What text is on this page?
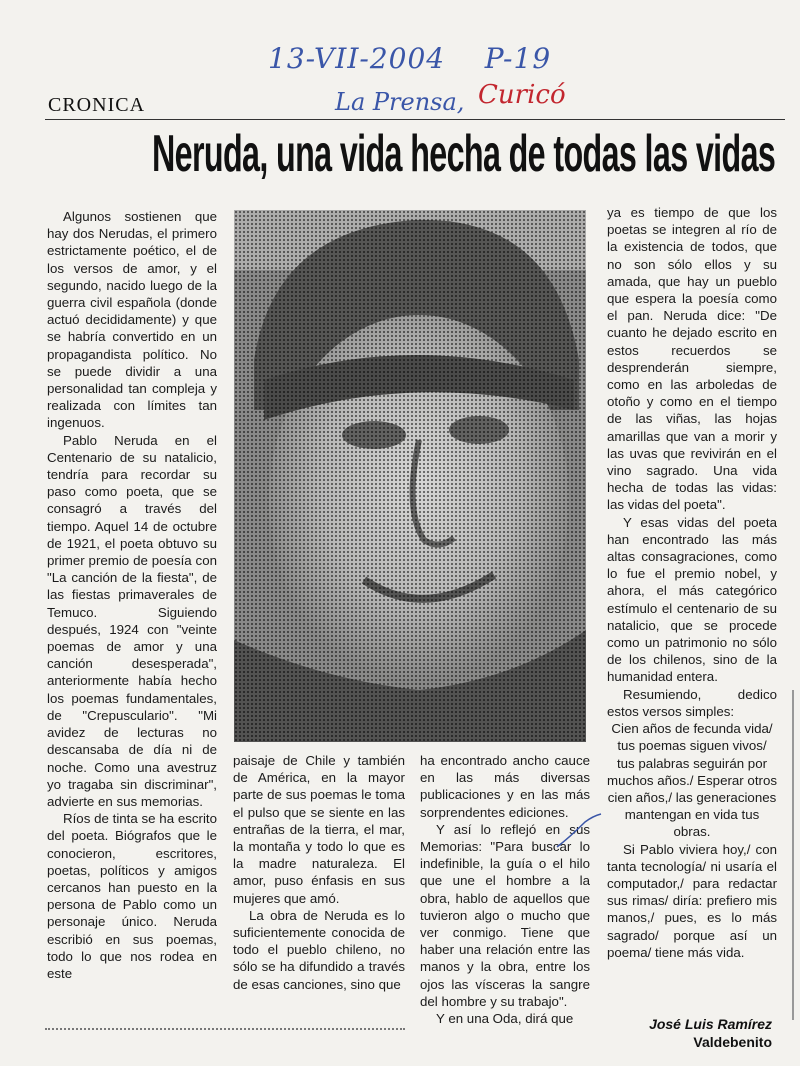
13-VII-2004 P-19
La Prensa, Curicó
CRONICA
Neruda, una vida hecha de todas las vidas

Algunos sostienen que hay dos Nerudas, el primero estrictamente poético, el de los versos de amor, y el segundo, nacido luego de la guerra civil española (donde actuó decididamente) y que se habría convertido en un propagandista político. No se puede dividir a una personalidad tan compleja y realizada con límites tan ingenuos.

Pablo Neruda en el Centenario de su natalicio, tendría para recordar su paso como poeta, que se consagró a través del tiempo. Aquel 14 de octubre de 1921, el poeta obtuvo su primer premio de poesía con "La canción de la fiesta", de las fiestas primaverales de Temuco. Siguiendo después, 1924 con "veinte poemas de amor y una canción desesperada", anteriormente había hecho los poemas fundamentales, de "Crepusculario". "Mi avidez de lecturas no descansaba de día ni de noche. Como una avestruz yo tragaba sin discriminar", advierte en sus memorias.

Ríos de tinta se ha escrito del poeta. Biógrafos que le conocieron, escritores, poetas, políticos y amigos cercanos han puesto en la persona de Pablo como un personaje único. Neruda escribió en sus poemas, todo lo que nos rodea en este

paisaje de Chile y también de América, en la mayor parte de sus poemas le toma el pulso que se siente en las entrañas de la tierra, el mar, la montaña y todo lo que es la madre naturaleza. El amor, puso énfasis en sus mujeres que amó.

La obra de Neruda es lo suficientemente conocida de todo el pueblo chileno, no sólo se ha difundido a través de esas canciones, sino que

ha encontrado ancho cauce en las más diversas publicaciones y en las más sorprendentes ediciones.

Y así lo reflejó en sus Memorias: "Para buscar lo indefinible, la guía o el hilo que une el hombre a la obra, hablo de aquellos que tuvieron algo o mucho que ver conmigo. Tiene que haber una relación entre las manos y la obra, entre los ojos las vísceras la sangre del hombre y su trabajo".

Y en una Oda, dirá que

ya es tiempo de que los poetas se integren al río de la existencia de todos, que no son sólo ellos y su amada, que hay un pueblo que espera la poesía como el pan. Neruda dice: "De cuanto he dejado escrito en estos recuerdos se desprenderán siempre, como en las arboledas de otoño y como en el tiempo de las viñas, las hojas amarillas que van a morir y las uvas que revivirán en el vino sagrado. Una vida hecha de todas las vidas: las vidas del poeta".

Y esas vidas del poeta han encontrado las más altas consagraciones, como lo fue el premio nobel, y ahora, el más categórico estímulo el centenario de su natalicio, que se procede como un patrimonio no sólo de los chilenos, sino de la humanidad entera.

Resumiendo, dedico estos versos simples:

Cien años de fecunda vida/ tus poemas siguen vivos/ tus palabras seguirán por muchos años./ Esperar otros cien años,/ las generaciones mantengan en vida tus obras.

Si Pablo viviera hoy,/ con tanta tecnología/ ni usaría el computador,/ para redactar sus rimas/ diría: prefiero mis manos,/ pues, es lo más sagrado/ porque así un poema/ tiene más vida.

José Luis Ramírez
Valdebenito
